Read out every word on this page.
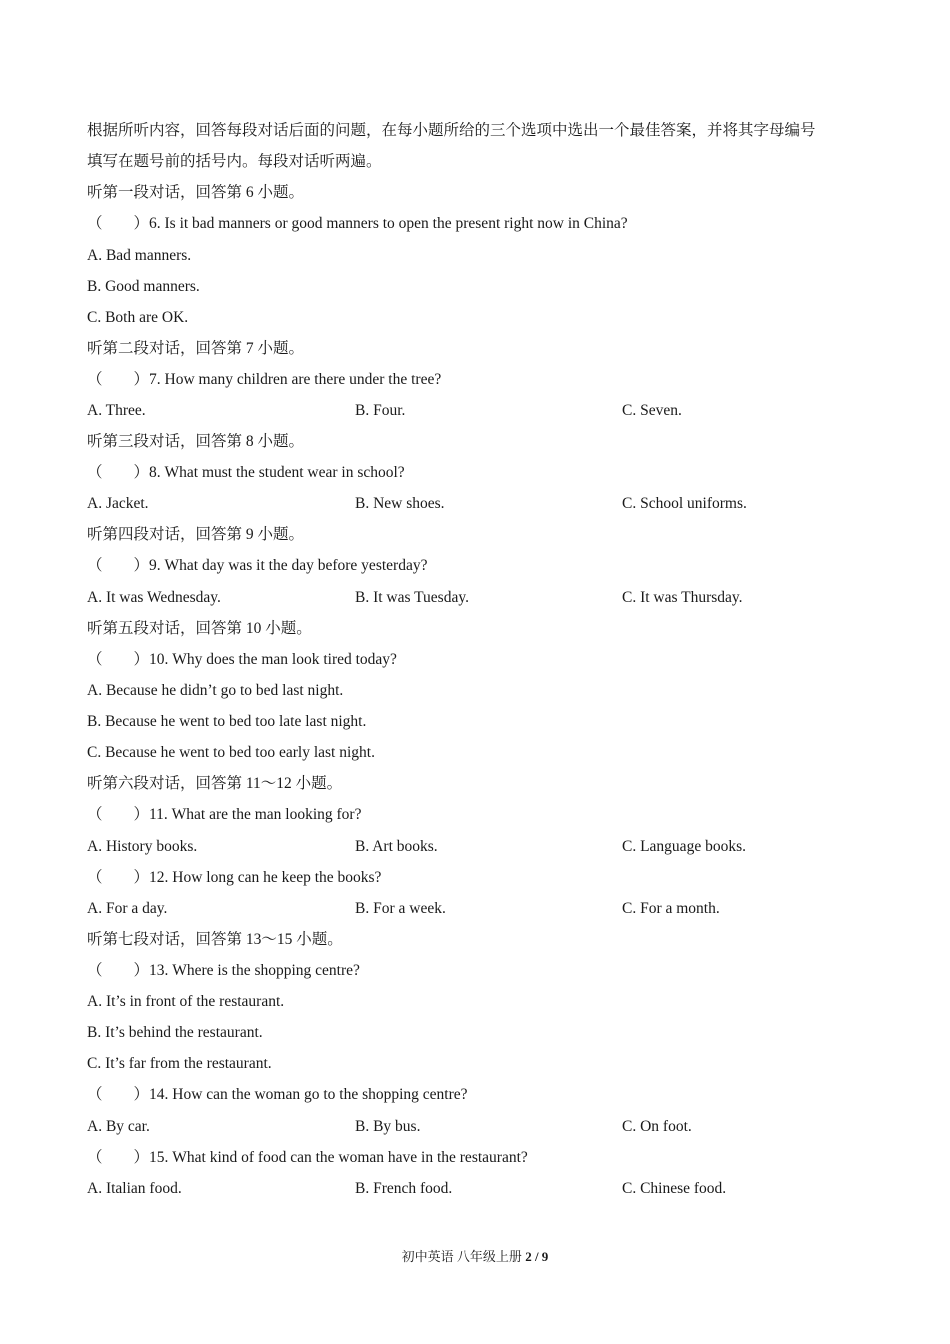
根据所听内容，回答每段对话后面的问题，在每小题所给的三个选项中选出一个最佳答案，并将其字母编号
填写在题号前的括号内。每段对话听两遍。
听第一段对话，回答第 6 小题。
（　　）6. Is it bad manners or good manners to open the present right now in China?
A. Bad manners.
B. Good manners.
C. Both are OK.
听第二段对话，回答第 7 小题。
（　　）7. How many children are there under the tree?
A. Three.	B. Four.	C. Seven.
听第三段对话，回答第 8 小题。
（　　）8. What must the student wear in school?
A. Jacket.	B. New shoes.	C. School uniforms.
听第四段对话，回答第 9 小题。
（　　）9. What day was it the day before yesterday?
A. It was Wednesday.	B. It was Tuesday.	C. It was Thursday.
听第五段对话，回答第 10 小题。
（　　）10. Why does the man look tired today?
A. Because he didn’t go to bed last night.
B. Because he went to bed too late last night.
C. Because he went to bed too early last night.
听第六段对话，回答第 11～12 小题。
（　　）11. What are the man looking for?
A. History books.	B. Art books.	C. Language books.
（　　）12. How long can he keep the books?
A. For a day.	B. For a week.	C. For a month.
听第七段对话，回答第 13～15 小题。
（　　）13. Where is the shopping centre?
A. It’s in front of the restaurant.
B. It’s behind the restaurant.
C. It’s far from the restaurant.
（　　）14. How can the woman go to the shopping centre?
A. By car.	B. By bus.	C. On foot.
（　　）15. What kind of food can the woman have in the restaurant?
A. Italian food.	B. French food.	C. Chinese food.
初中英语 八年级上册 2 / 9
